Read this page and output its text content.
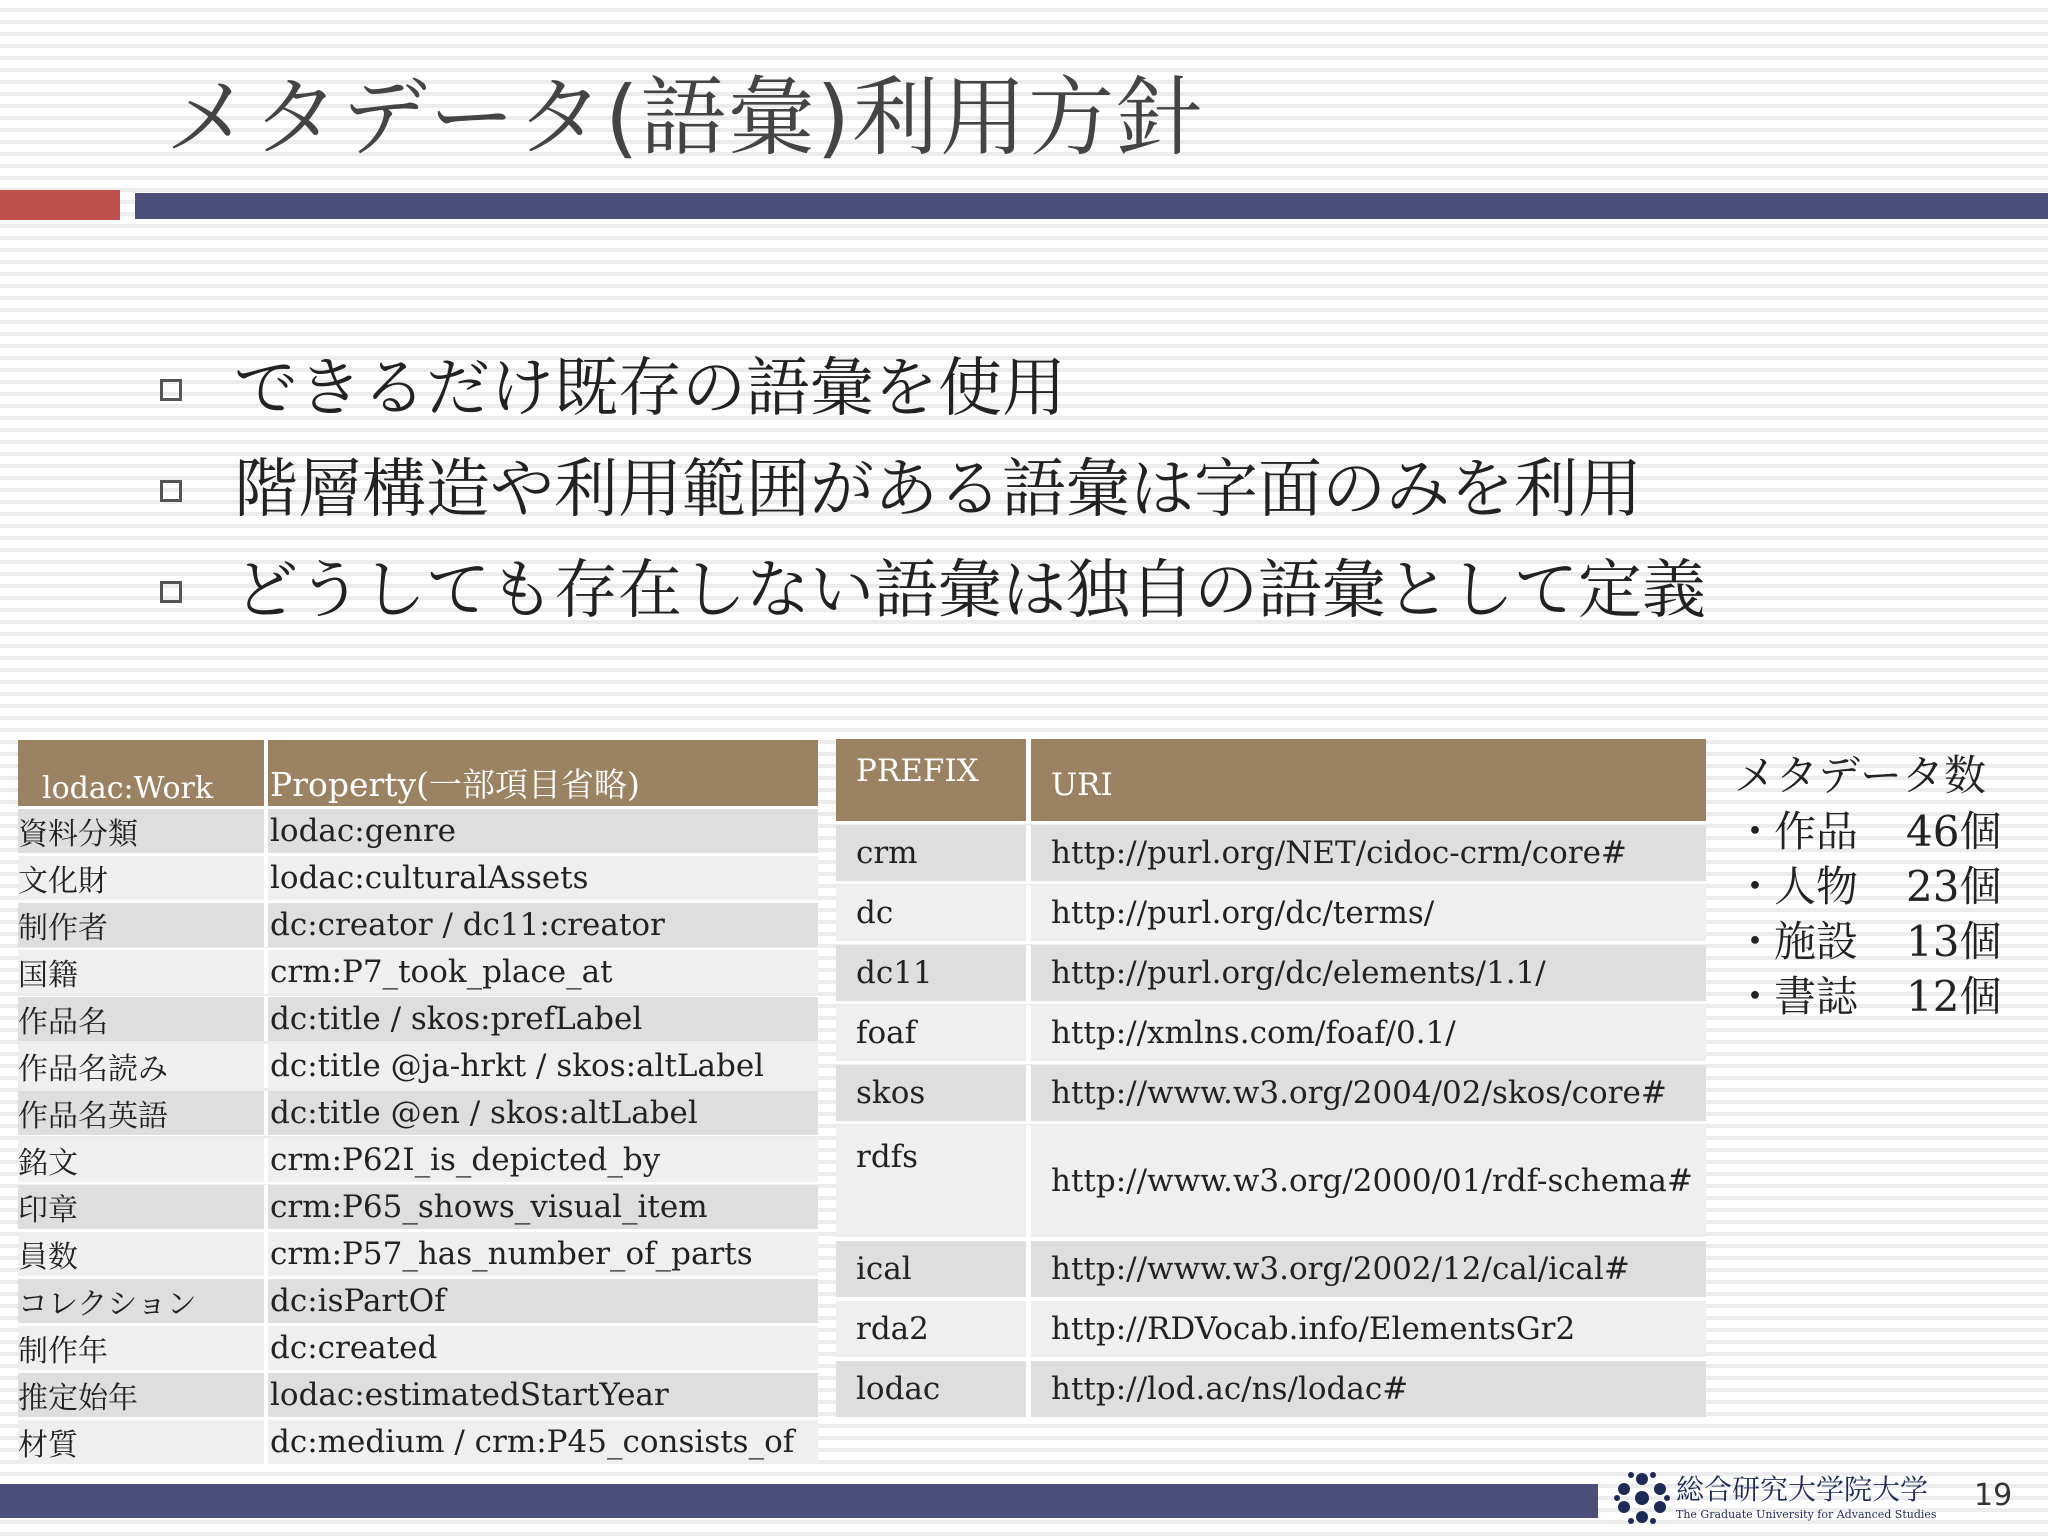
メタデータ(語彙)利用方針
できるだけ既存の語彙を使用
階層構造や利用範囲がある語彙は字面のみを利用
どうしても存在しない語彙は独自の語彙として定義
lodac:Work	Property(一部項目省略)
資料分類	lodac:genre
文化財	lodac:culturalAssets
制作者	dc:creator / dc11:creator
国籍	crm:P7_took_place_at
作品名	dc:title / skos:prefLabel
作品名読み	dc:title @ja-hrkt / skos:altLabel
作品名英語	dc:title @en / skos:altLabel
銘文	crm:P62I_is_depicted_by
印章	crm:P65_shows_visual_item
員数	crm:P57_has_number_of_parts
コレクション	dc:isPartOf
制作年	dc:created
推定始年	lodac:estimatedStartYear
材質	dc:medium / crm:P45_consists_of
PREFIX	URI
crm	http://purl.org/NET/cidoc-crm/core#
dc	http://purl.org/dc/terms/
dc11	http://purl.org/dc/elements/1.1/
foaf	http://xmlns.com/foaf/0.1/
skos	http://www.w3.org/2004/02/skos/core#
rdfs	http://www.w3.org/2000/01/rdf-schema#
ical	http://www.w3.org/2002/12/cal/ical#
rda2	http://RDVocab.info/ElementsGr2
lodac	http://lod.ac/ns/lodac#
メタデータ数
・
作品	46個
・
人物	23個
・
施設	13個
・
書誌	12個
総合研究大学院大学
The Graduate University for Advanced Studies
19
